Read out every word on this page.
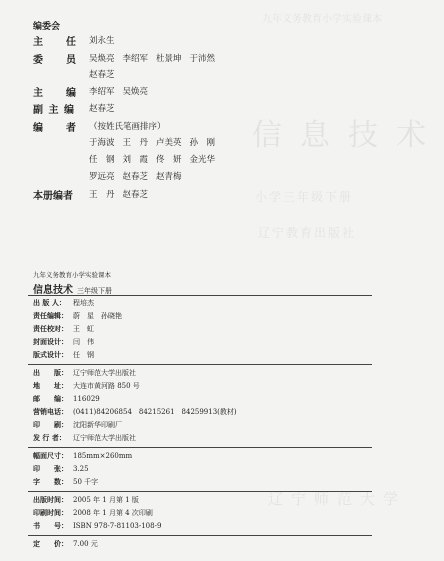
九年义务教育小学实验课本
信息技术
小学三年级下册
辽宁教育出版社
辽宁师范大学
编委会
主　　任	刘永生
委　　员	吴焕亮 李绍军 杜景坤 于沛然
赵春芝
主　　编	李绍军 吴焕亮
副 主 编	赵春芝
编　　者	（按姓氏笔画排序）
于海波 王　丹 卢美英 孙　刚
任　钢 刘　霞 佟　妍 金光华
罗远亮 赵春芝 赵青梅
本册编者	王　丹 赵春芝
九年义务教育小学实验课本
信息技术 三年级下册
出 版 人：	程培杰
责任编辑： 蔚　星　孙晓艳
责任校对： 王　虹
封面设计： 闫　伟
版式设计： 任　钢
出　　版： 辽宁师范大学出版社
地　　址： 大连市黄河路 850 号
邮　　编： 116029
营销电话： (0411)84206854　84215261　84259913(教材)
印　　刷： 沈阳新华印刷厂
发 行 者：	辽宁师范大学出版社
幅面尺寸： 185mm×260mm
印　　张： 3.25
字　　数： 50 千字
出版时间： 2005 年 1 月第 1 版
印刷时间： 2008 年 1 月第 4 次印刷
书　　号： ISBN 978-7-81103-108-9
定　　价： 7.00 元
